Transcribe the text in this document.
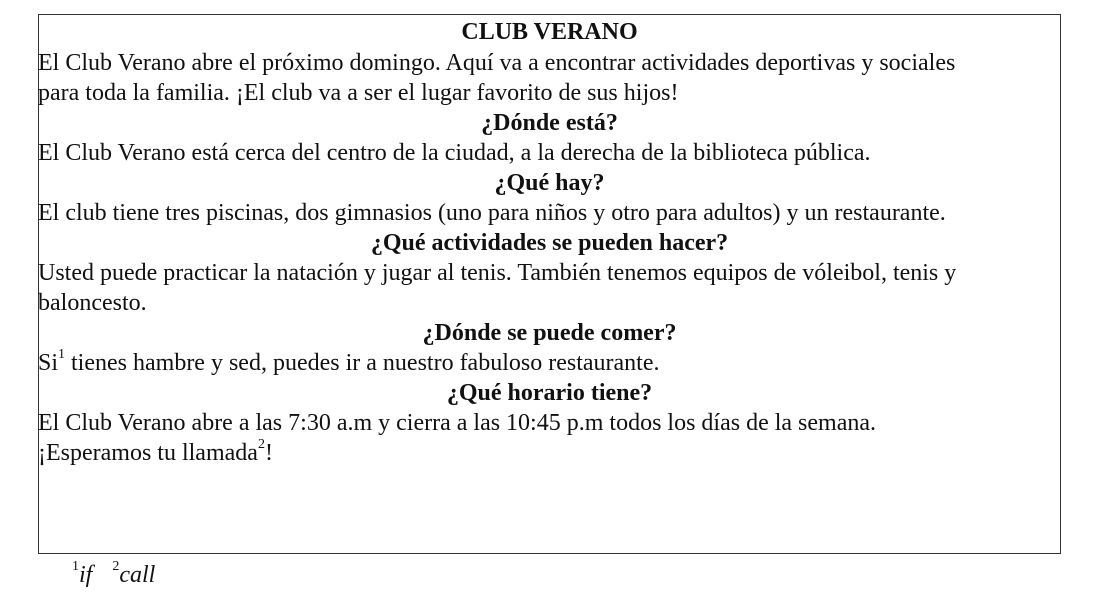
CLUB VERANO
El Club Verano abre el próximo domingo. Aquí va a encontrar actividades deportivas y sociales
para toda la familia. ¡El club va a ser el lugar favorito de sus hijos!
¿Dónde está?
El Club Verano está cerca del centro de la ciudad, a la derecha de la biblioteca pública.
¿Qué hay?
El club tiene tres piscinas, dos gimnasios (uno para niños y otro para adultos) y un restaurante.
¿Qué actividades se pueden hacer?
Usted puede practicar la natación y jugar al tenis. También tenemos equipos de vóleibol, tenis y
baloncesto.
¿Dónde se puede comer?
Si$^1$ tienes hambre y sed, puedes ir a nuestro fabuloso restaurante.
¿Qué horario tiene?
El Club Verano abre a las 7:30 a.m y cierra a las 10:45 p.m todos los días de la semana.
¡Esperamos tu llamada$^2$!
$^1$if $^2$call
